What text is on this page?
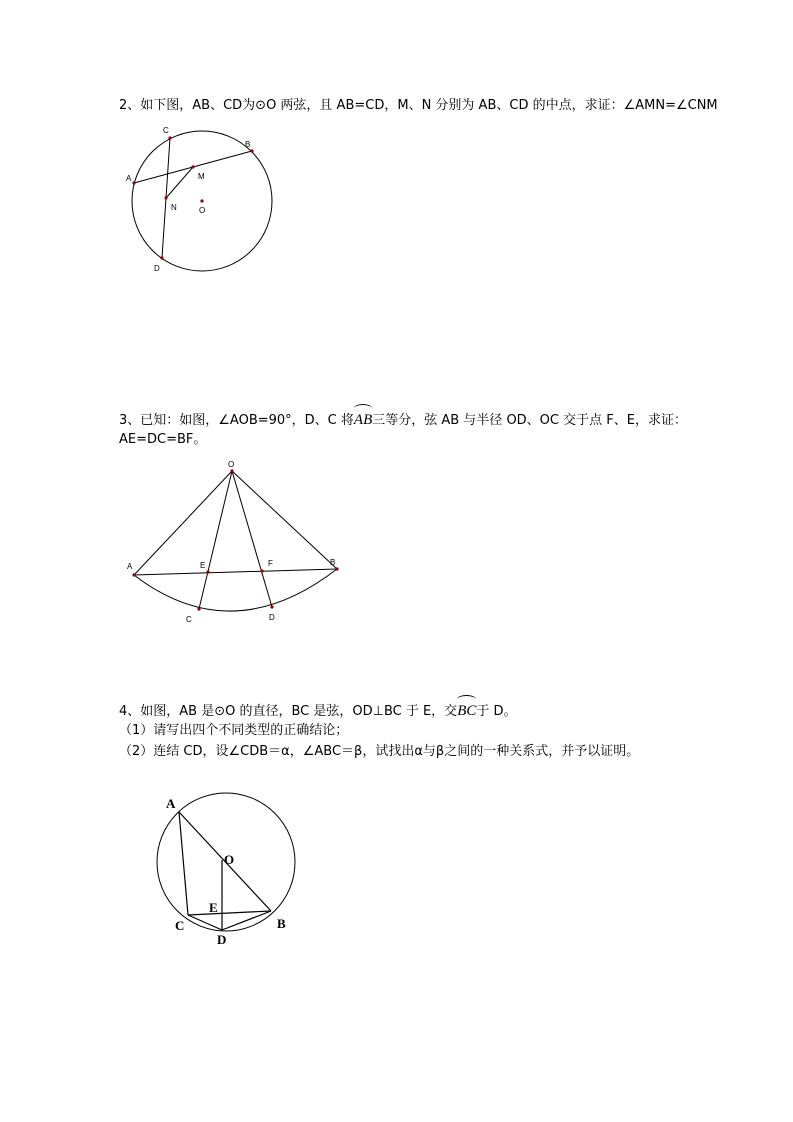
2、如下图，AB、CD为⊙O 两弦，且 AB=CD，M、N 分别为 AB、CD 的中点，求证：∠AMN=∠CNM
A
B
C
D
M
N	O
3、已知：如图，∠AOB=90°，D、C 将
AB三等分，弦 AB 与半径 OD、OC 交于点 F、E，求证：
AE=DC=BF。
O
A	B
E	F
C	D
4、如图，AB 是⊙O 的直径，BC 是弦，OD⊥BC 于 E，交
BC于 D。
（1）请写出四个不同类型的正确结论；
（2）连结 CD，设∠CDB＝α，∠ABC＝β，试找出α与β之间的一种关系式，并予以证明。
A
O
E
C
D
B
